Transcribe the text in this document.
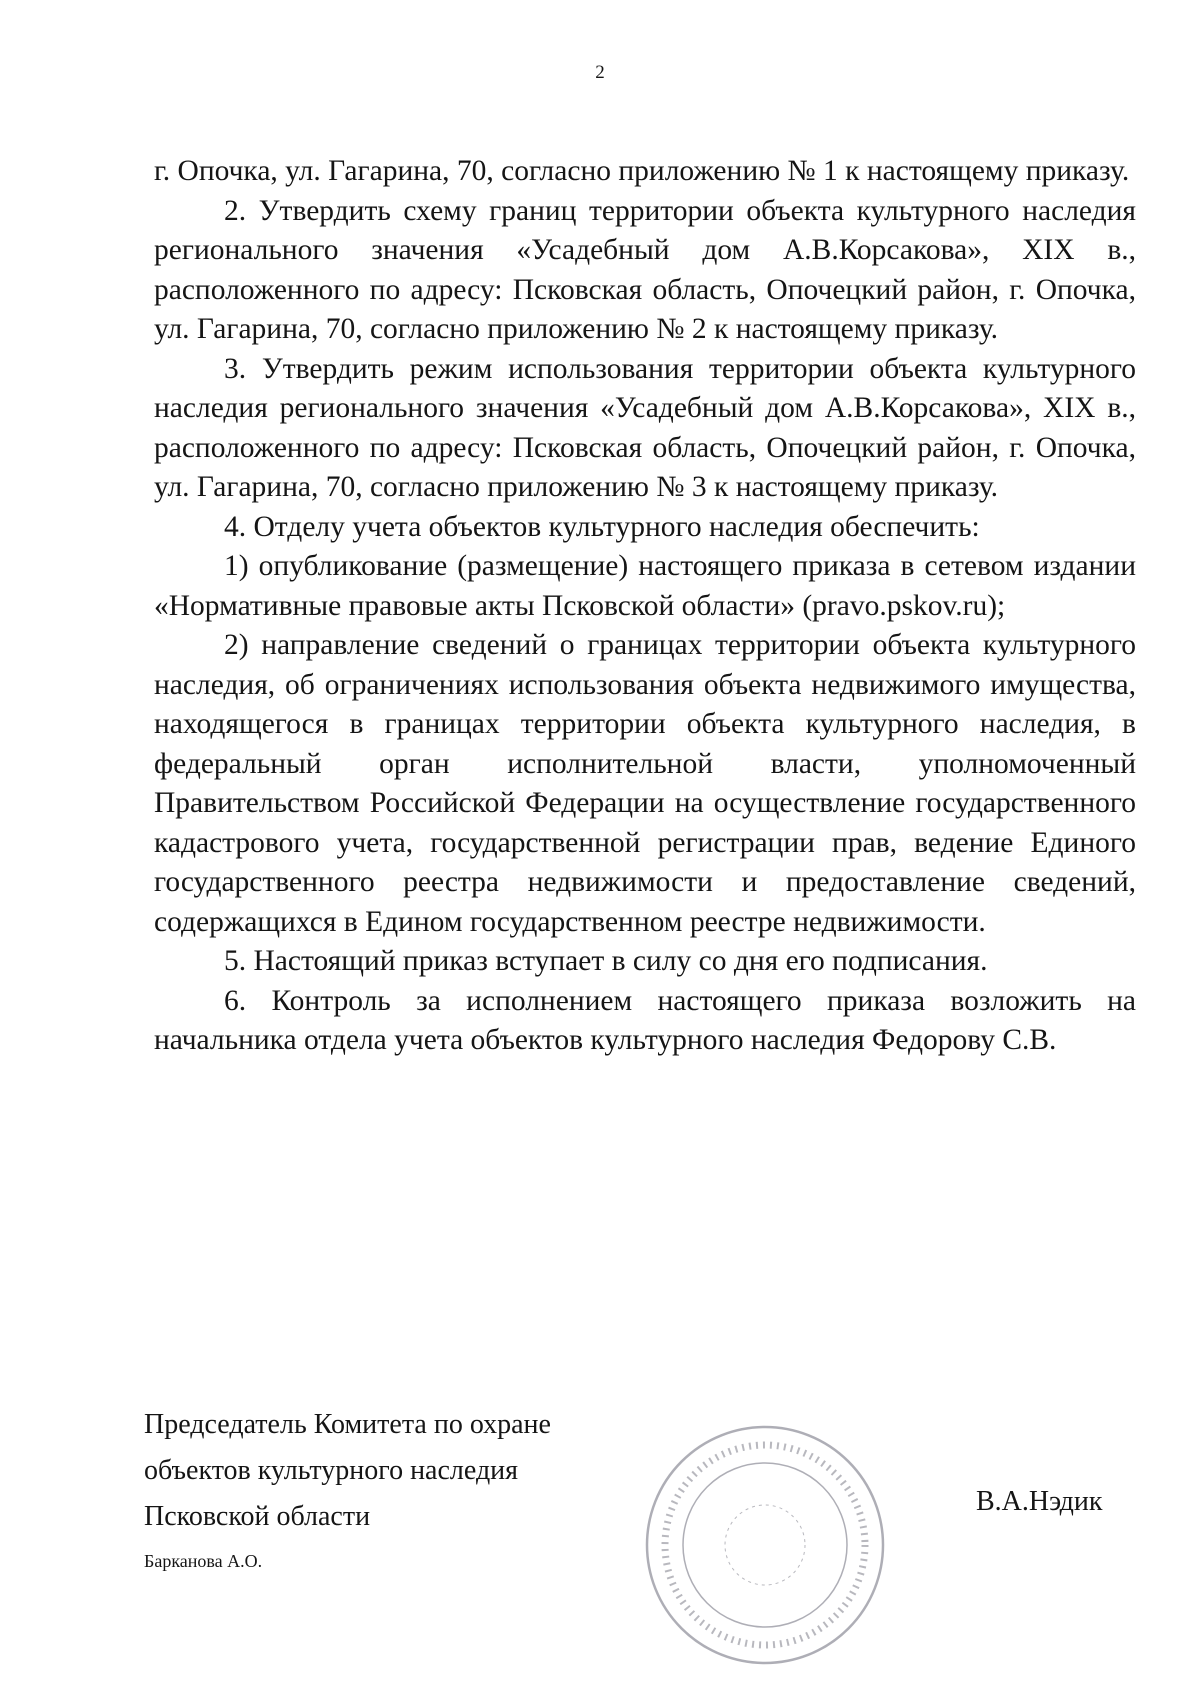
2

г. Опочка, ул. Гагарина, 70, согласно приложению № 1 к настоящему приказу.

2. Утвердить схему границ территории объекта культурного наследия регионального значения «Усадебный дом А.В.Корсакова», XIX в., расположенного по адресу: Псковская область, Опочецкий район, г. Опочка, ул. Гагарина, 70, согласно приложению № 2 к настоящему приказу.

3. Утвердить режим использования территории объекта культурного наследия регионального значения «Усадебный дом А.В.Корсакова», XIX в., расположенного по адресу: Псковская область, Опочецкий район, г. Опочка, ул. Гагарина, 70, согласно приложению № 3 к настоящему приказу.

4. Отделу учета объектов культурного наследия обеспечить:

1) опубликование (размещение) настоящего приказа в сетевом издании «Нормативные правовые акты Псковской области» (pravo.pskov.ru);

2) направление сведений о границах территории объекта культурного наследия, об ограничениях использования объекта недвижимого имущества, находящегося в границах территории объекта культурного наследия, в федеральный орган исполнительной власти, уполномоченный Правительством Российской Федерации на осуществление государственного кадастрового учета, государственной регистрации прав, ведение Единого государственного реестра недвижимости и предоставление сведений, содержащихся в Едином государственном реестре недвижимости.

5. Настоящий приказ вступает в силу со дня его подписания.

6. Контроль за исполнением настоящего приказа возложить на начальника отдела учета объектов культурного наследия Федорову С.В.

Председатель Комитета по охране
объектов культурного наследия
Псковской области	В.А.Нэдик
Барканова А.О.
